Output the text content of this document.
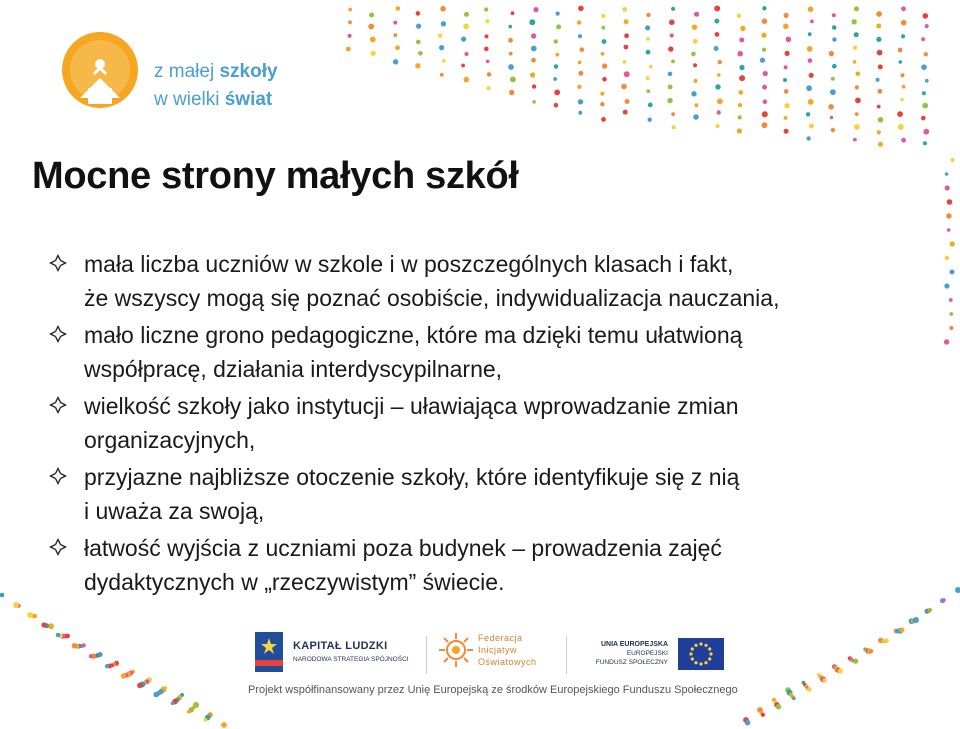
z małej szkoły
w wielki świat
Mocne strony małych szkół
mała liczba uczniów w szkole i w poszczególnych klasach i fakt,
że wszyscy mogą się poznać osobiście, indywidualizacja nauczania,
mało liczne grono pedagogiczne, które ma dzięki temu ułatwioną
współpracę, działania interdyscypilnarne,
wielkość szkoły jako instytucji – uławiająca wprowadzanie zmian
organizacyjnych,
przyjazne najbliższe otoczenie szkoły, które identyfikuje się z nią
i uważa za swoją,
łatwość wyjścia z uczniami poza budynek – prowadzenia zajęć
dydaktycznych w „rzeczywistym” świecie.
KAPITAŁ LUDZKI
NARODOWA STRATEGIA SPÓJNOŚCI
Federacja
Inicjatyw
Oświatowych
UNIA EUROPEJSKA
EUROPEJSKI
FUNDUSZ SPOŁECZNY
Projekt współfinansowany przez Unię Europejską ze środków Europejskiego Funduszu Społecznego
